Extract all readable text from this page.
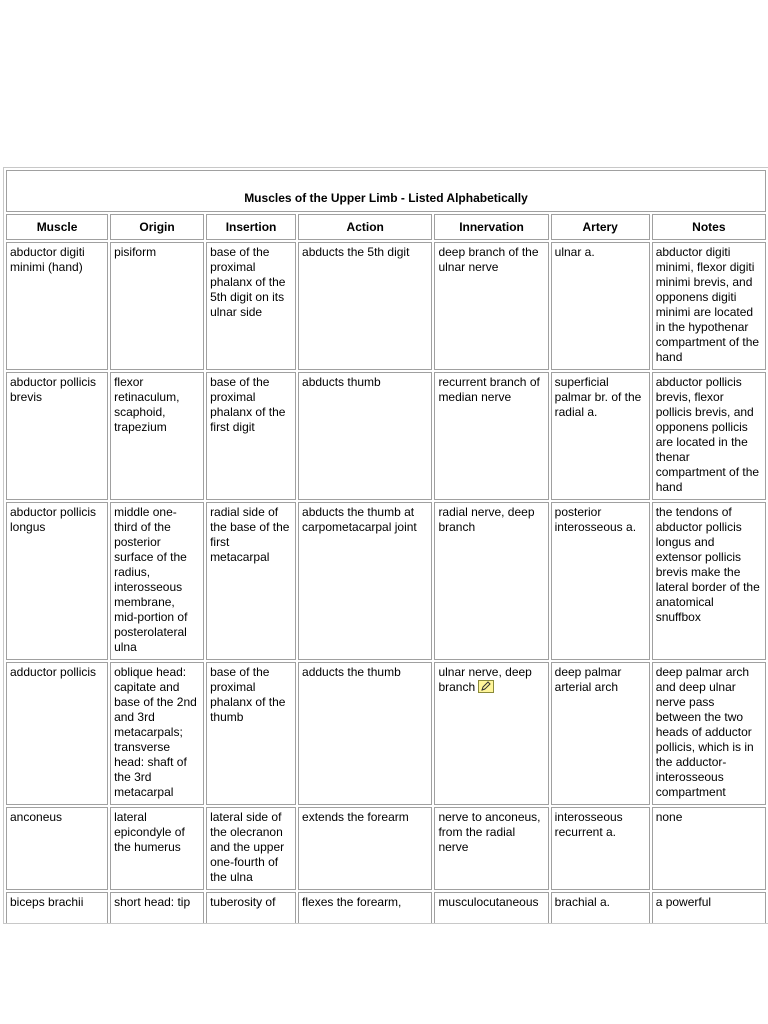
Muscles of the Upper Limb - Listed Alphabetically						
Muscle	Origin	Insertion	Action	Innervation	Artery	Notes
abductor digiti minimi (hand)	pisiform	base of the proximal phalanx of the 5th digit on its ulnar side	abducts the 5th digit	deep branch of the ulnar nerve	ulnar a.	abductor digiti minimi, flexor digiti minimi brevis, and opponens digiti minimi are located in the hypothenar compartment of the hand
abductor pollicis brevis	flexor retinaculum, scaphoid, trapezium	base of the proximal phalanx of the first digit	abducts thumb	recurrent branch of median nerve	superficial palmar br. of the radial a.	abductor pollicis brevis, flexor pollicis brevis, and opponens pollicis are located in the thenar compartment of the hand
abductor pollicis longus	middle one-third of the posterior surface of the radius, interosseous membrane, mid-portion of posterolateral ulna	radial side of the base of the first metacarpal	abducts the thumb at carpometacarpal joint	radial nerve, deep branch	posterior interosseous a.	the tendons of abductor pollicis longus and extensor pollicis brevis make the lateral border of the anatomical snuffbox
adductor pollicis	oblique head: capitate and base of the 2nd and 3rd metacarpals; transverse head: shaft of the 3rd metacarpal	base of the proximal phalanx of the thumb	adducts the thumb	ulnar nerve, deep branch	deep palmar arterial arch	deep palmar arch and deep ulnar nerve pass between the two heads of adductor pollicis, which is in the adductor-interosseous compartment
anconeus	lateral epicondyle of the humerus	lateral side of the olecranon and the upper one-fourth of the ulna	extends the forearm	nerve to anconeus, from the radial nerve	interosseous recurrent a.	none
biceps brachii	short head: tip	tuberosity of	flexes the forearm,	musculocutaneous	brachial a.	a powerful
